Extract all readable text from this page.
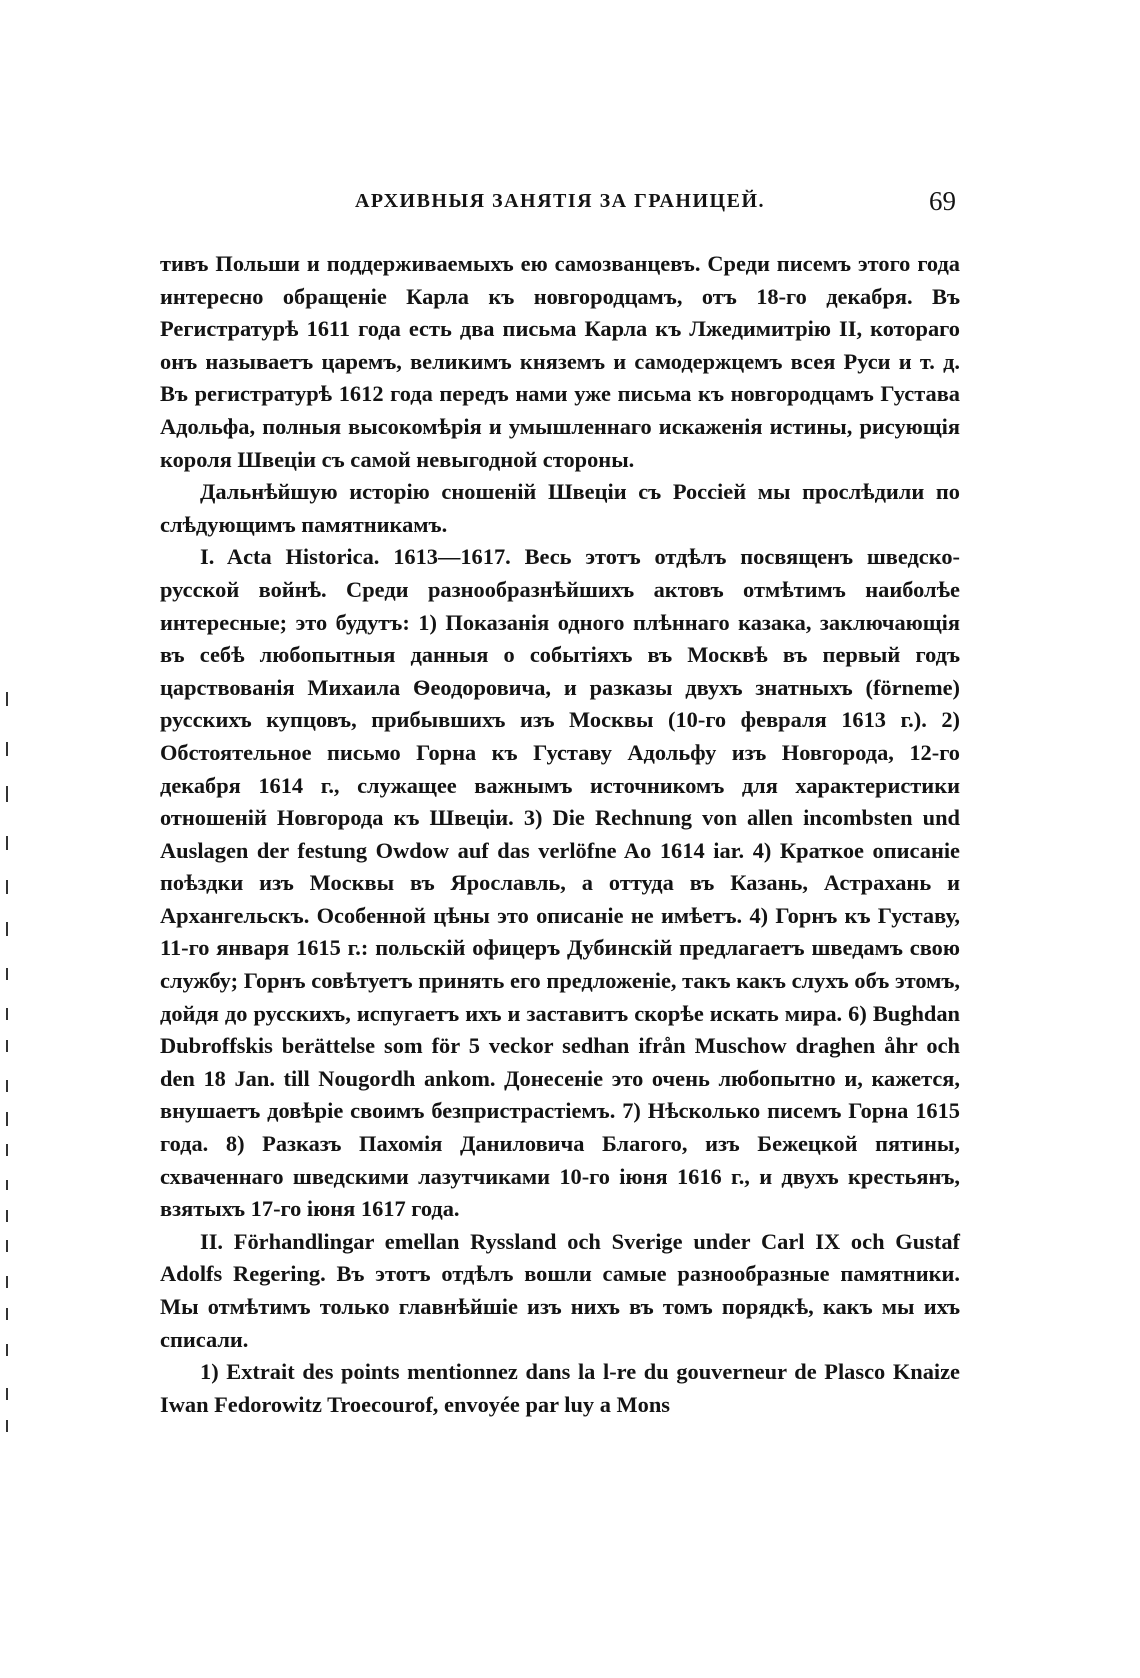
АРХИВНЫЯ ЗАНЯТІЯ ЗА ГРАНИЦЕЙ.	69

тивъ Польши и поддерживаемыхъ ею самозванцевъ. Среди писемъ этого года интересно обращеніе Карла къ новгородцамъ, отъ 18-го декабря. Въ Регистратурѣ 1611 года есть два письма Карла къ Лжедимитрію II, котораго онъ называетъ царемъ, великимъ княземъ и самодержцемъ всея Руси и т. д. Въ регистратурѣ 1612 года передъ нами уже письма къ новгородцамъ Густава Адольфа, полныя высокомѣрія и умышленнаго искаженія истины, рисующія короля Швеціи съ самой невыгодной стороны.

Дальнѣйшую исторію сношеній Швеціи съ Россіей мы прослѣдили по слѣдующимъ памятникамъ.

I. Acta Historica. 1613—1617. Весь этотъ отдѣлъ посвященъ шведско-русской войнѣ. Среди разнообразнѣйшихъ актовъ отмѣтимъ наиболѣе интересные; это будутъ: 1) Показанія одного плѣннаго казака, заключающія въ себѣ любопытныя данныя о событіяхъ въ Москвѣ въ первый годъ царствованія Михаила Ѳеодоровича, и разказы двухъ знатныхъ (förneme) русскихъ купцовъ, прибывшихъ изъ Москвы (10-го февраля 1613 г.). 2) Обстоятельное письмо Горна къ Густаву Адольфу изъ Новгорода, 12-го декабря 1614 г., служащее важнымъ источникомъ для характеристики отношеній Новгорода къ Швеціи. 3) Die Rechnung von allen incombsten und Auslagen der festung Owdow auf das verlöfne Ao 1614 iar. 4) Краткое описаніе поѣздки изъ Москвы въ Ярославль, а оттуда въ Казань, Астрахань и Архангельскъ. Особенной цѣны это описаніе не имѣетъ. 4) Горнъ къ Густаву, 11-го января 1615 г.: польскій офицеръ Дубинскій предлагаетъ шведамъ свою службу; Горнъ совѣтуетъ принять его предложеніе, такъ какъ слухъ объ этомъ, дойдя до русскихъ, испугаетъ ихъ и заставитъ скорѣе искать мира. 6) Bughdan Dubroffskis berättelse som för 5 veckor sedhan ifrån Muschow draghen åhr och den 18 Jan. till Nougordh ankom. Донесеніе это очень любопытно и, кажется, внушаетъ довѣріе своимъ безпристрастіемъ. 7) Нѣсколько писемъ Горна 1615 года. 8) Разказъ Пахомія Даниловича Благого, изъ Бежецкой пятины, схваченнаго шведскими лазутчиками 10-го іюня 1616 г., и двухъ крестьянъ, взятыхъ 17-го іюня 1617 года.

II. Förhandlingar emellan Ryssland och Sverige under Carl IX och Gustaf Adolfs Regering. Въ этотъ отдѣлъ вошли самые разнообразные памятники. Мы отмѣтимъ только главнѣйшіе изъ нихъ въ томъ порядкѣ, какъ мы ихъ списали.

1) Extrait des points mentionnez dans la l-re du gouverneur de Plasco Knaize Iwan Fedorowitz Troecourof, envoyée par luy a Mons
